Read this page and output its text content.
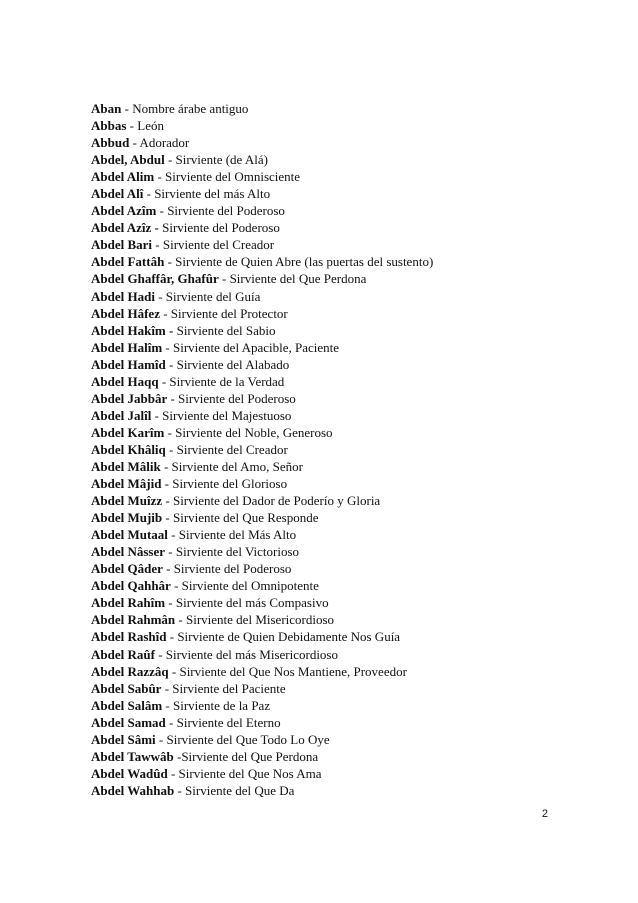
Aban - Nombre árabe antiguo
Abbas - León
Abbud - Adorador
Abdel, Abdul - Sirviente (de Alá)
Abdel Alim - Sirviente del Omnisciente
Abdel Alî - Sirviente del más Alto
Abdel Azîm - Sirviente del Poderoso
Abdel Azîz - Sirviente del Poderoso
Abdel Bari - Sirviente del Creador
Abdel Fattâh - Sirviente de Quien Abre (las puertas del sustento)
Abdel Ghaffâr, Ghafûr - Sirviente del Que Perdona
Abdel Hadi - Sirviente del Guía
Abdel Hâfez - Sirviente del Protector
Abdel Hakîm - Sirviente del Sabio
Abdel Halîm - Sirviente del Apacible, Paciente
Abdel Hamîd - Sirviente del Alabado
Abdel Haqq - Sirviente de la Verdad
Abdel Jabbâr - Sirviente del Poderoso
Abdel Jalîl - Sirviente del Majestuoso
Abdel Karîm - Sirviente del Noble, Generoso
Abdel Khâliq - Sirviente del Creador
Abdel Mâlik - Sirviente del Amo, Señor
Abdel Mâjid - Sirviente del Glorioso
Abdel Muîzz - Sirviente del Dador de Poderío y Gloria
Abdel Mujib - Sirviente del Que Responde
Abdel Mutaal - Sirviente del Más Alto
Abdel Nâsser - Sirviente del Victorioso
Abdel Qâder - Sirviente del Poderoso
Abdel Qahhâr - Sirviente del Omnipotente
Abdel Rahîm - Sirviente del más Compasivo
Abdel Rahmân - Sirviente del Misericordioso
Abdel Rashîd - Sirviente de Quien Debidamente Nos Guía
Abdel Raûf - Sirviente del más Misericordioso
Abdel Razzâq - Sirviente del Que Nos Mantiene, Proveedor
Abdel Sabûr - Sirviente del Paciente
Abdel Salâm - Sirviente de la Paz
Abdel Samad - Sirviente del Eterno
Abdel Sâmi - Sirviente del Que Todo Lo Oye
Abdel Tawwâb -Sirviente del Que Perdona
Abdel Wadûd - Sirviente del Que Nos Ama
Abdel Wahhab - Sirviente del Que Da
2
